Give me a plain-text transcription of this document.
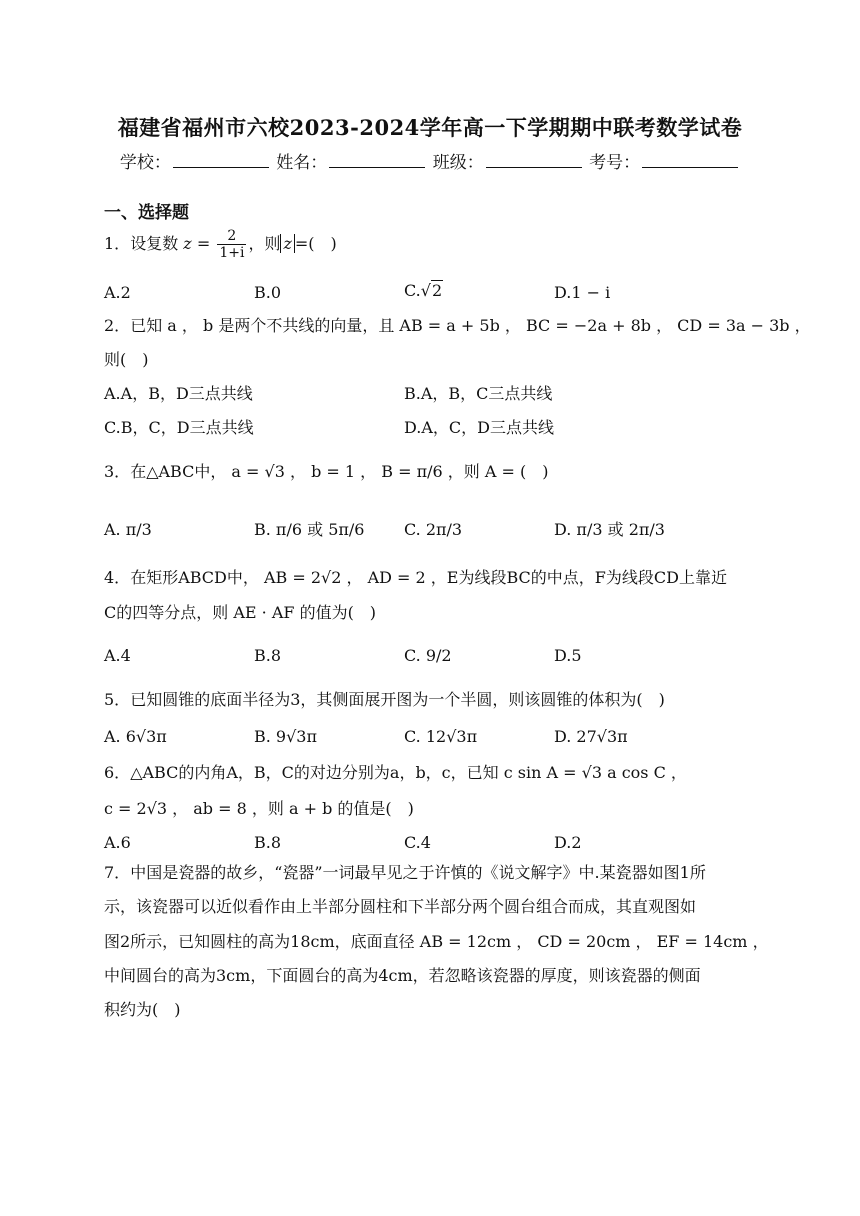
福建省福州市六校2023-2024学年高一下学期期中联考数学试卷
学校：	姓名：	班级：	考号：
一、选择题
1．设复数 $z = \frac{2}{1+i}$ ，则 z =(　)
A.2	B.0	C.√2	D.1 − i
2．已知 a ， b 是两个不共线的向量，且 AB = a + 5b ， BC = −2a + 8b ， CD = 3a − 3b ，
则(　)
A.A，B，D三点共线	B.A，B，C三点共线
C.B，C，D三点共线	D.A，C，D三点共线
3．在△ABC中， a = √3 ， b = 1 ， B = π/6 ，则 A = (　)
A. π/3	B. π/6 或 5π/6 C. 2π/3	D. π/3 或 2π/3
4．在矩形ABCD中， AB = 2√2 ， AD = 2 ，E为线段BC的中点，F为线段CD上靠近
C的四等分点，则 AE · AF 的值为(　)
A.4	B.8	C. 9/2	D.5
5．已知圆锥的底面半径为3，其侧面展开图为一个半圆，则该圆锥的体积为(　)
A. 6√3π	B. 9√3π	C. 12√3π	D. 27√3π
6．△ABC的内角A，B，C的对边分别为a，b，c，已知 c sin A = √3 a cos C ，
c = 2√3 ， ab = 8 ，则 a + b 的值是(　)
A.6	B.8	C.4	D.2
7．中国是瓷器的故乡，“瓷器”一词最早见之于许慎的《说文解字》中.某瓷器如图1所
示，该瓷器可以近似看作由上半部分圆柱和下半部分两个圆台组合而成，其直观图如
图2所示，已知圆柱的高为18cm，底面直径 AB = 12cm ， CD = 20cm ， EF = 14cm ，
中间圆台的高为3cm，下面圆台的高为4cm，若忽略该瓷器的厚度，则该瓷器的侧面
积约为(　)
